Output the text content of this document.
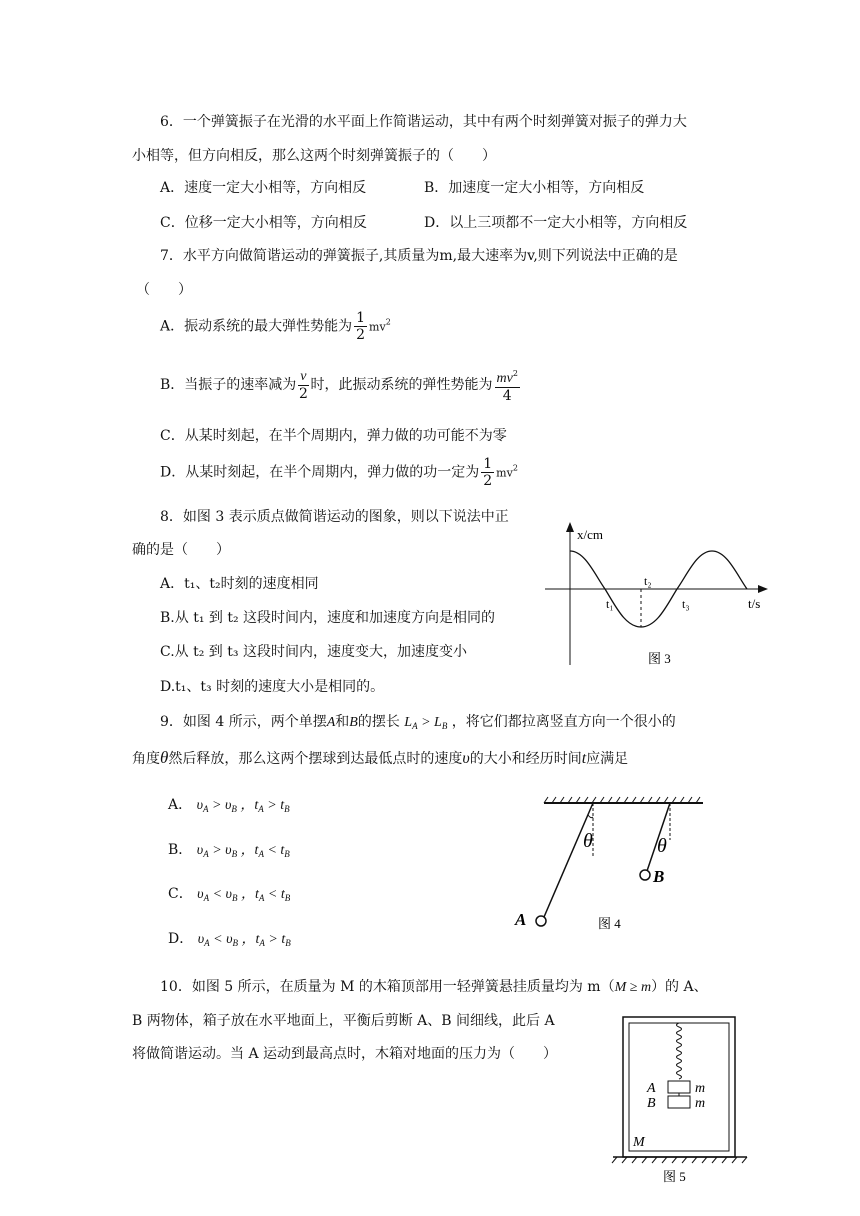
6．一个弹簧振子在光滑的水平面上作简谐运动，其中有两个时刻弹簧对振子的弹力大
小相等，但方向相反，那么这两个时刻弹簧振子的（　　）
A．速度一定大小相等，方向相反	B．加速度一定大小相等，方向相反
C．位移一定大小相等，方向相反	D．以上三项都不一定大小相等，方向相反
7．水平方向做简谐运动的弹簧振子,其质量为m,最大速率为v,则下列说法中正确的是
（　　）
A．振动系统的最大弹性势能为 $\frac{1}{2} mv^2$
B．当振子的速率减为 $\frac{v}{2}$ 时，此振动系统的弹性势能为 $\frac{mv^2}{4}$
C．从某时刻起，在半个周期内，弹力做的功可能不为零
D．从某时刻起，在半个周期内，弹力做的功一定为 $\frac{1}{2} mv^2$
8．如图 3 表示质点做简谐运动的图象，则以下说法中正
确的是（　　）
A．t₁、t₂时刻的速度相同
B.从 t₁ 到 t₂ 这段时间内，速度和加速度方向是相同的
C.从 t₂ 到 t₃ 这段时间内，速度变大，加速度变小
D.t₁、t₃ 时刻的速度大小是相同的。
x/cm
t/s
t₁
t₂
t₃
图 3
9．如图 4 所示，两个单摆A和B的摆长 $L_A > L_B$ ，将它们都拉离竖直方向一个很小的
角度θ然后释放，那么这两个摆球到达最低点时的速度υ的大小和经历时间t应满足
A． $\upsilon_A > \upsilon_B$ ，$t_A > t_B$
B． $\upsilon_A > \upsilon_B$ ，$t_A < t_B$
C． $\upsilon_A < \upsilon_B$ ，$t_A < t_B$
D． $\upsilon_A < \upsilon_B$ ，$t_A > t_B$
θ	θ
B
A	图 4
10．如图 5 所示，在质量为 M 的木箱顶部用一轻弹簧悬挂质量均为 m（M ≥ m）的 A、
B 两物体，箱子放在水平地面上，平衡后剪断 A、B 间细线，此后 A
将做简谐运动。当 A 运动到最高点时，木箱对地面的压力为（　　）
A
B
m
m
M
图 5
